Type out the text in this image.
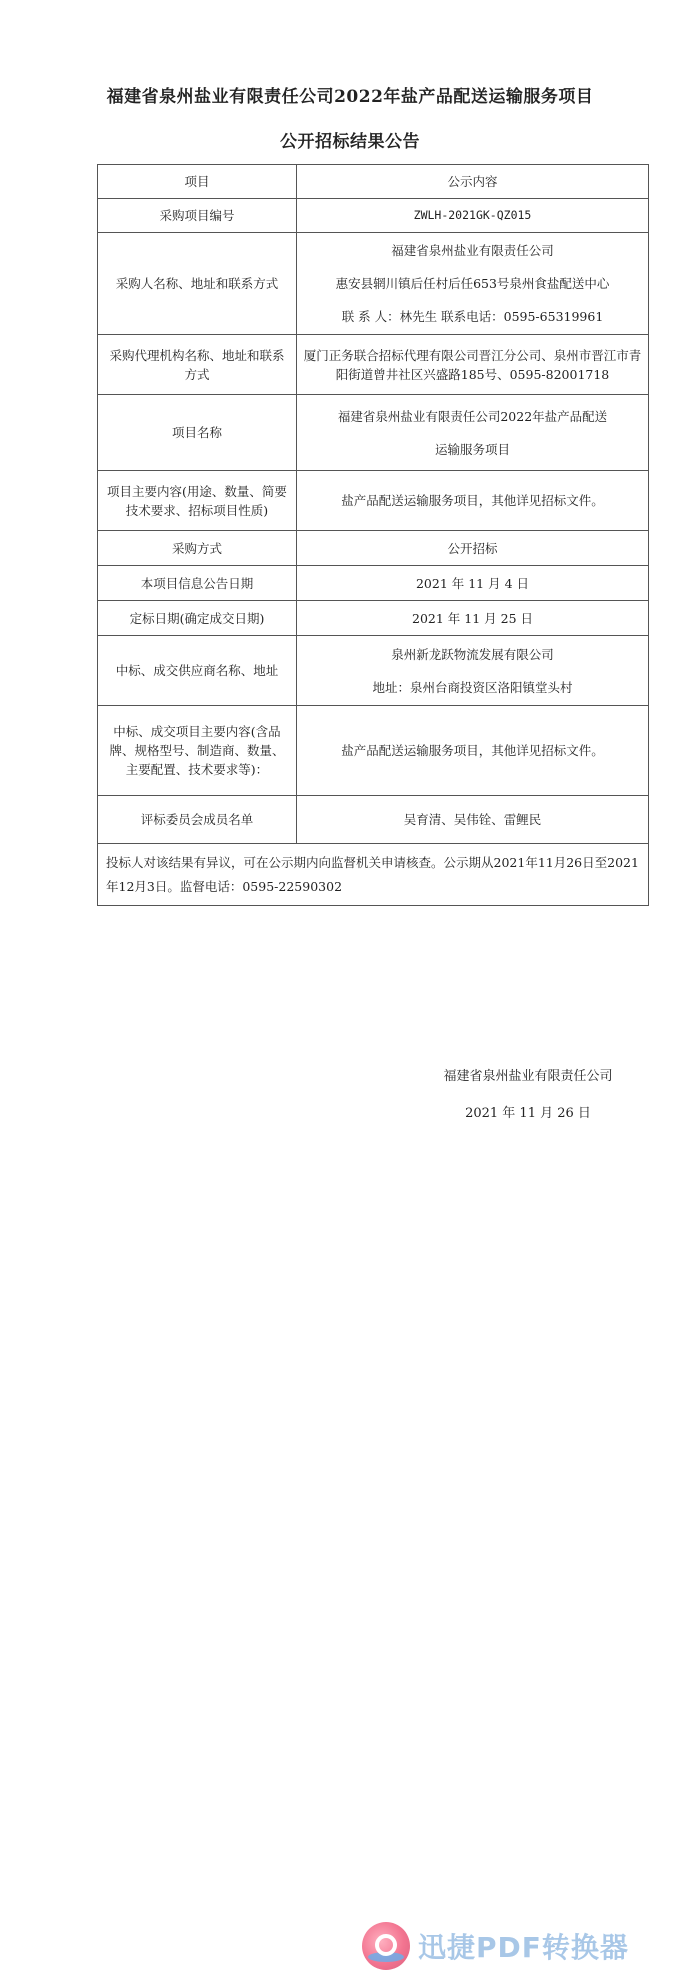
福建省泉州盐业有限责任公司2022年盐产品配送运输服务项目
公开招标结果公告
项目	公示内容
采购项目编号	ZWLH-2021GK-QZ015
采购人名称、地址和联系方式	福建省泉州盐业有限责任公司
惠安县辋川镇后任村后任653号泉州食盐配送中心
联 系 人：林先生 联系电话：0595-65319961

采购代理机构名称、地址和联系方式	厦门正务联合招标代理有限公司晋江分公司、泉州市晋江市青阳街道曾井社区兴盛路185号、0595-82001718
项目名称	福建省泉州盐业有限责任公司2022年盐产品配送
运输服务项目

项目主要内容(用途、数量、简要技术要求、招标项目性质)	盐产品配送运输服务项目，其他详见招标文件。
采购方式	公开招标
本项目信息公告日期	2021 年 11 月 4 日
定标日期(确定成交日期)	2021 年 11 月 25 日
中标、成交供应商名称、地址	泉州新龙跃物流发展有限公司
地址：泉州台商投资区洛阳镇堂头村

中标、成交项目主要内容(含品牌、规格型号、制造商、数量、主要配置、技术要求等)：	盐产品配送运输服务项目，其他详见招标文件。
评标委员会成员名单	吴育清、吴伟铨、雷鲤民
投标人对该结果有异议，可在公示期内向监督机关申请核查。公示期从2021年11月26日至2021年12月3日。监督电话：0595-22590302	
福建省泉州盐业有限责任公司
2021 年 11 月 26 日
迅捷PDF转换器
